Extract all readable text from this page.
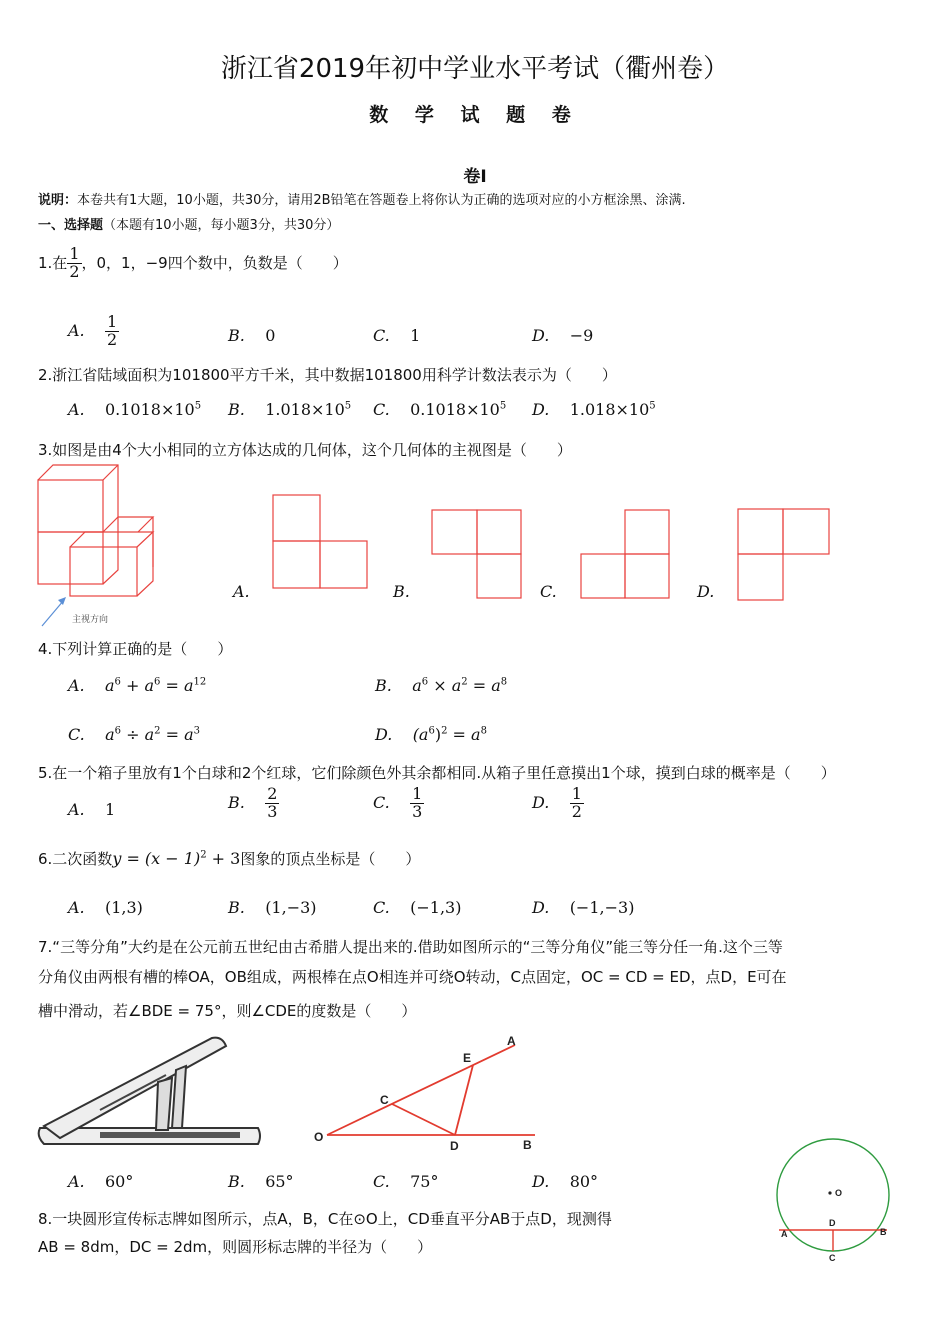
浙江省2019年初中学业水平考试（衢州卷）
数 学 试 题 卷
卷Ⅰ
说明：本卷共有1大题，10小题，共30分，请用2B铅笔在答题卷上将你认为正确的选项对应的小方框涂黑、涂满.
一、选择题（本题有10小题，每小题3分，共30分）
1.在 $\frac{1}{2}$ ，0，1，−9四个数中，负数是（　　）
A. $\frac{1}{2}$	B. 0	C. 1	D. −9
2.浙江省陆域面积为101800平方千米，其中数据101800用科学计数法表示为（　　）
A. $0.1018\times 10^5$ B. $1.018\times 10^5$ C. $0.1018\times 10^5$ D. $1.018\times 10^5$
3.如图是由4个大小相同的立方体达成的几何体，这个几何体的主视图是（　　）
主视方向
A.	B.	C.	D.
4.下列计算正确的是（　　）
A. $a^6 + a^6 = a^{12}$	B. $a^6 \times a^2 = a^8$
C. $a^6 \div a^2 = a^3$	D. $(a^6)^2 = a^8$
5.在一个箱子里放有1个白球和2个红球，它们除颜色外其余都相同.从箱子里任意摸出1个球，摸到白球的概率是（　　）
A. 1	B. $\frac{2}{3}$	C. $\frac{1}{3}$	D. $\frac{1}{2}$
6.二次函数$y = (x - 1)^2 + 3$图象的顶点坐标是（　　）
A. (1,3)	B. (1,−3)	C. (−1,3)	D. (−1,−3)
7.“三等分角”大约是在公元前五世纪由古希腊人提出来的.借助如图所示的“三等分角仪”能三等分任一角.这个三等
分角仪由两根有槽的棒OA，OB组成，两根棒在点O相连并可绕O转动，C点固定，OC = CD = ED，点D，E可在
槽中滑动，若∠BDE = 75°，则∠CDE的度数是（　　）
O
C
D
E
A
B
A. 60°	B. 65°	C. 75°	D. 80°
8.一块圆形宣传标志牌如图所示，点A，B，C在⊙O上，CD垂直平分AB于点D，现测得
AB = 8dm，DC = 2dm，则圆形标志牌的半径为（　　）
O
A	B
D
C
